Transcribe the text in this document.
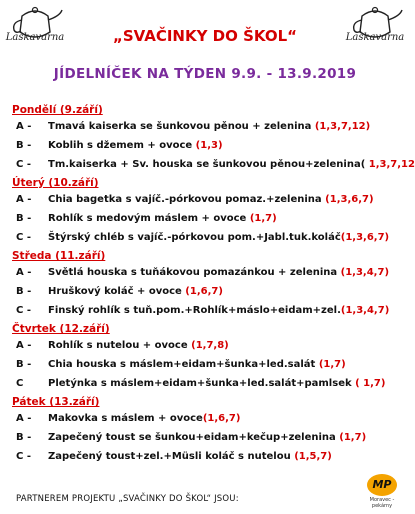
Laskavarna	Laskavarna
„SVAČINKY DO ŠKOL“
JÍDELNÍČEK NA TÝDEN 9.9. - 13.9.2019
Pondělí (9.září)
A - Tmavá kaiserka se šunkovou pěnou + zelenina (1,3,7,12)
B - Koblih s džemem + ovoce (1,3)
C - Tm.kaiserka + Sv. houska se šunkovou pěnou+zelenina( 1,3,7,12
Úterý (10.září)
A - Chia bagetka s vajíč.-pórkovou pomaz.+zelenina (1,3,6,7)
B - Rohlík s medovým máslem + ovoce (1,7)
C - Štýrský chléb s vajíč.-pórkovou pom.+Jabl.tuk.koláč(1,3,6,7)
Středa (11.září)
A - Světlá houska s tuňákovou pomazánkou + zelenina (1,3,4,7)
B - Hruškový koláč + ovoce (1,6,7)
C - Finský rohlík s tuň.pom.+Rohlík+máslo+eidam+zel.(1,3,4,7)
Čtvrtek (12.září)
A - Rohlík s nutelou + ovoce (1,7,8)
B - Chia houska s máslem+eidam+šunka+led.salát (1,7)
C Pletýnka s máslem+eidam+šunka+led.salát+pamlsek ( 1,7)
Pátek (13.září)
A - Makovka s máslem + ovoce(1,6,7)
B - Zapečený toust se šunkou+eidam+kečup+zelenina (1,7)
C - Zapečený toust+zel.+Müsli koláč s nutelou (1,5,7)
PARTNEREM PROJEKTU „SVAČINKY DO ŠKOL“ JSOU:
MP
Moravec - pekárny
